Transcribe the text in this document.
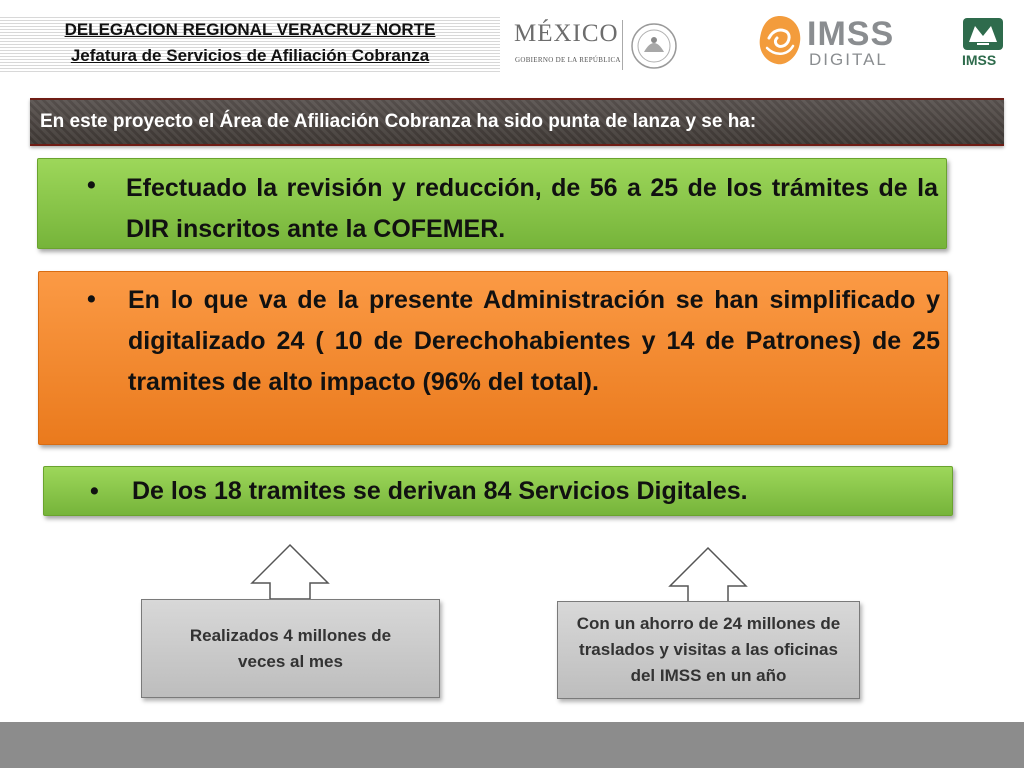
DELEGACION REGIONAL VERACRUZ NORTE
Jefatura de Servicios de Afiliación Cobranza
MÉXICO
GOBIERNO DE LA REPÚBLICA
IMSS
DIGITAL	IMSS
En este proyecto el Área de Afiliación Cobranza ha sido punta de lanza y se ha:
• Efectuado la revisión y reducción, de 56 a 25 de los trámites de la DIR inscritos ante la COFEMER.
• En lo que va de la presente Administración se han simplificado y digitalizado 24 ( 10 de Derechohabientes y 14 de Patrones) de 25 tramites de alto impacto (96% del total).
• De los 18 tramites se derivan 84 Servicios Digitales.
Realizados 4 millones de veces al mes
Con un ahorro de 24 millones de traslados y visitas a las oficinas del IMSS en un año
